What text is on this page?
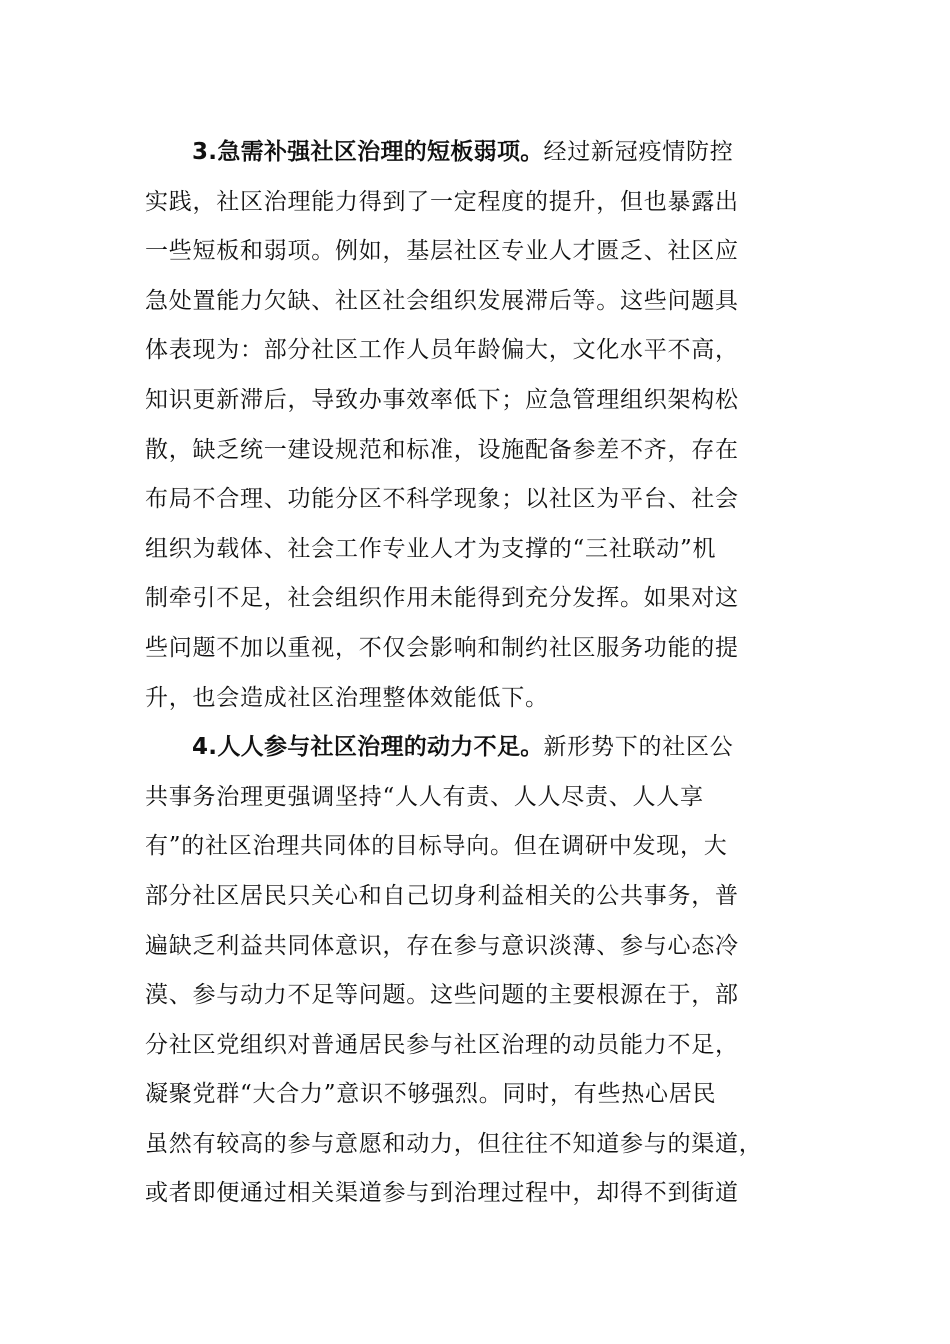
3.急需补强社区治理的短板弱项。经过新冠疫情防控
实践，社区治理能力得到了一定程度的提升，但也暴露出
一些短板和弱项。例如，基层社区专业人才匮乏、社区应
急处置能力欠缺、社区社会组织发展滞后等。这些问题具
体表现为：部分社区工作人员年龄偏大，文化水平不高，
知识更新滞后，导致办事效率低下；应急管理组织架构松
散，缺乏统一建设规范和标准，设施配备参差不齐，存在
布局不合理、功能分区不科学现象；以社区为平台、社会
组织为载体、社会工作专业人才为支撑的“三社联动”机
制牵引不足，社会组织作用未能得到充分发挥。如果对这
些问题不加以重视，不仅会影响和制约社区服务功能的提
升，也会造成社区治理整体效能低下。
4.人人参与社区治理的动力不足。新形势下的社区公
共事务治理更强调坚持“人人有责、人人尽责、人人享
有”的社区治理共同体的目标导向。但在调研中发现，大
部分社区居民只关心和自己切身利益相关的公共事务，普
遍缺乏利益共同体意识，存在参与意识淡薄、参与心态冷
漠、参与动力不足等问题。这些问题的主要根源在于，部
分社区党组织对普通居民参与社区治理的动员能力不足，
凝聚党群“大合力”意识不够强烈。同时，有些热心居民
虽然有较高的参与意愿和动力，但往往不知道参与的渠道，
或者即便通过相关渠道参与到治理过程中，却得不到街道
